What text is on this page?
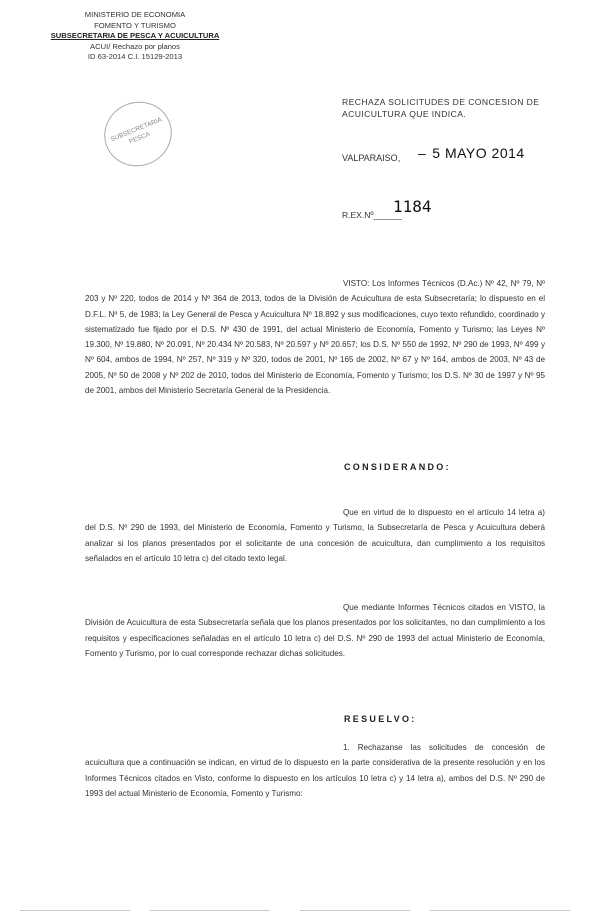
MINISTERIO DE ECONOMIA
FOMENTO Y TURISMO
SUBSECRETARIA DE PESCA Y ACUICULTURA
ACUI/ Rechazo por planos
ID 63-2014 C.I. 15129-2013
SUBSECRETARIA PESCA
RECHAZA SOLICITUDES DE CONCESION DE ACUICULTURA QUE INDICA.
VALPARAISO, – 5 MAYO 2014
R.EX.Nº______
1184
VISTO: Los Informes Técnicos (D.Ac.) Nº 42, Nº 79, Nº 203 y Nº 220, todos de 2014 y Nº 364 de 2013, todos de la División de Acuicultura de esta Subsecretaría; lo dispuesto en el D.F.L. Nº 5, de 1983; la Ley General de Pesca y Acuicultura Nº 18.892 y sus modificaciones, cuyo texto refundido, coordinado y sistematizado fue fijado por el D.S. Nº 430 de 1991, del actual Ministerio de Economía, Fomento y Turismo; las Leyes Nº 19.300, Nº 19.880, Nº 20.091, Nº 20.434 Nº 20.583, Nº 20.597 y Nº 20.657; los D.S. Nº 550 de 1992, Nº 290 de 1993, Nº 499 y Nº 604, ambos de 1994, Nº 257, Nº 319 y Nº 320, todos de 2001, Nº 165 de 2002, Nº 67 y Nº 164, ambos de 2003, Nº 43 de 2005, Nº 50 de 2008 y Nº 202 de 2010, todos del Ministerio de Economía, Fomento y Turismo; los D.S. Nº 30 de 1997 y Nº 95 de 2001, ambos del Ministerio Secretaría General de la Presidencia.
CONSIDERANDO:
Que en virtud de lo dispuesto en el artículo 14 letra a) del D.S. Nº 290 de 1993, del Ministerio de Economía, Fomento y Turismo, la Subsecretaría de Pesca y Acuicultura deberá analizar si los planos presentados por el solicitante de una concesión de acuicultura, dan cumplimiento a los requisitos señalados en el artículo 10 letra c) del citado texto legal.
Que mediante Informes Técnicos citados en VISTO, la División de Acuicultura de esta Subsecretaría señala que los planos presentados por los solicitantes, no dan cumplimiento a los requisitos y especificaciones señaladas en el artículo 10 letra c) del D.S. Nº 290 de 1993 del actual Ministerio de Economía, Fomento y Turismo, por lo cual corresponde rechazar dichas solicitudes.
RESUELVO:
1. Rechazanse las solicitudes de concesión de acuicultura que a continuación se indican, en virtud de lo dispuesto en la parte considerativa de la presente resolución y en los Informes Técnicos citados en Visto, conforme lo dispuesto en los artículos 10 letra c) y 14 letra a), ambos del D.S. Nº 290 de 1993 del actual Ministerio de Economía, Fomento y Turismo:
